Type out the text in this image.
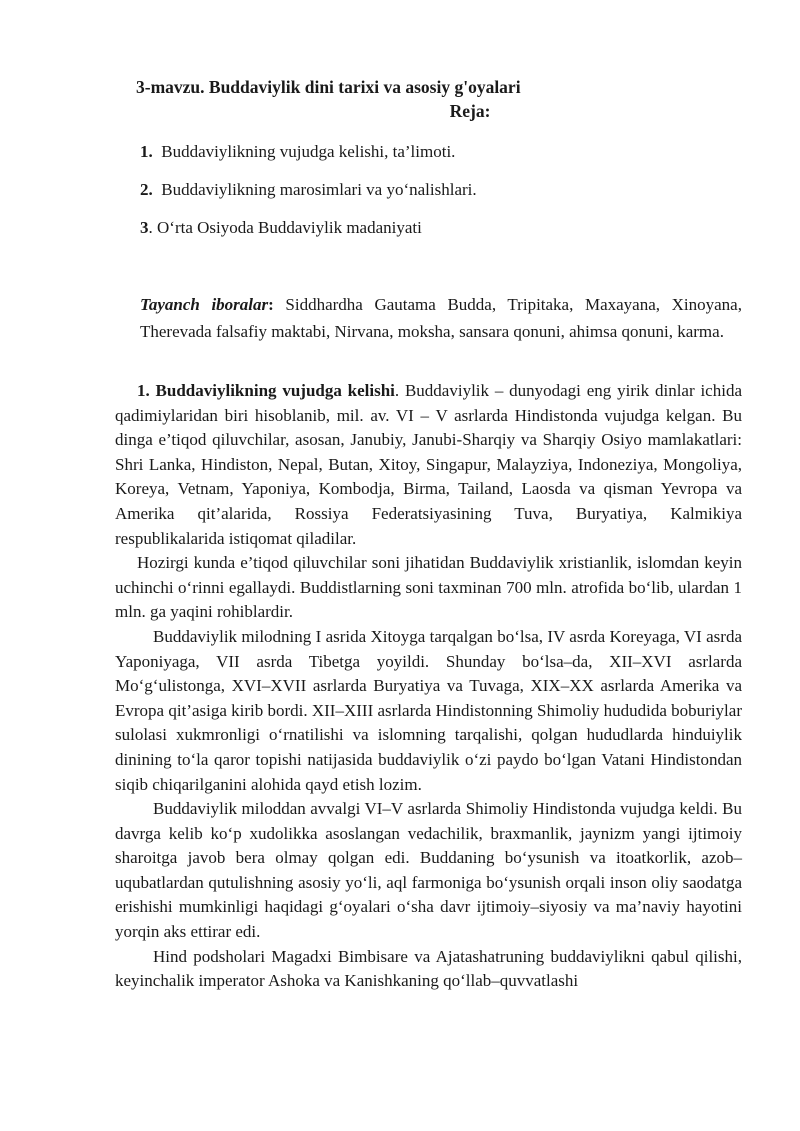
3-mavzu. Buddaviylik dini tarixi va asosiy g'oyalari
Reja:
1. Buddaviylikning vujudga kelishi, ta’limoti.
2. Buddaviylikning marosimlari va yo‘nalishlari.
3. O‘rta Osiyoda Buddaviylik madaniyati

Tayanch iboralar: Siddhardha Gautama Budda, Tripitaka, Maxayana, Xinoyana, Therevada falsafiy maktabi, Nirvana, moksha, sansara qonuni, ahimsa qonuni, karma.

1. Buddaviylikning vujudga kelishi. Buddaviylik – dunyodagi eng yirik dinlar ichida qadimiylaridan biri hisoblanib, mil. av. VI – V asrlarda Hindistonda vujudga kelgan. Bu dinga e’tiqod qiluvchilar, asosan, Janubiy, Janubi-Sharqiy va Sharqiy Osiyo mamlakatlari: Shri Lanka, Hindiston, Nepal, Butan, Xitoy, Singapur, Malayziya, Indoneziya, Mongoliya, Koreya, Vetnam, Yaponiya, Kombodja, Birma, Tailand, Laosda va qisman Yevropa va Amerika qit’alarida, Rossiya Federatsiyasining Tuva, Buryatiya, Kalmikiya respublikalarida istiqomat qiladilar.

Hozirgi kunda e’tiqod qiluvchilar soni jihatidan Buddaviylik xristianlik, islomdan keyin uchinchi o‘rinni egallaydi. Buddistlarning soni taxminan 700 mln. atrofida bo‘lib, ulardan 1 mln. ga yaqini rohiblardir.

Buddaviylik milodning I asrida Xitoyga tarqalgan bo‘lsa, IV asrda Koreyaga, VI asrda Yaponiyaga, VII asrda Tibetga yoyildi. Shunday bo‘lsa–da, XII–XVI asrlarda Mo‘g‘ulistonga, XVI–XVII asrlarda Buryatiya va Tuvaga, XIX–XX asrlarda Amerika va Evropa qit’asiga kirib bordi. XII–XIII asrlarda Hindistonning Shimoliy hududida boburiylar sulolasi xukmronligi o‘rnatilishi va islomning tarqalishi, qolgan hududlarda hinduiylik dinining to‘la qaror topishi natijasida buddaviylik o‘zi paydo bo‘lgan Vatani Hindistondan siqib chiqarilganini alohida qayd etish lozim.

Buddaviylik miloddan avvalgi VI–V asrlarda Shimoliy Hindistonda vujudga keldi. Bu davrga kelib ko‘p xudolikka asoslangan vedachilik, braxmanlik, jaynizm yangi ijtimoiy sharoitga javob bera olmay qolgan edi. Buddaning bo‘ysunish va itoatkorlik, azob–uqubatlardan qutulishning asosiy yo‘li, aql farmoniga bo‘ysunish orqali inson oliy saodatga erishishi mumkinligi haqidagi g‘oyalari o‘sha davr ijtimoiy–siyosiy va ma’naviy hayotini yorqin aks ettirar edi.

Hind podsholari Magadxi Bimbisare va Ajatashatruning buddaviylikni qabul qilishi, keyinchalik imperator Ashoka va Kanishkaning qo‘llab–quvvatlashi
